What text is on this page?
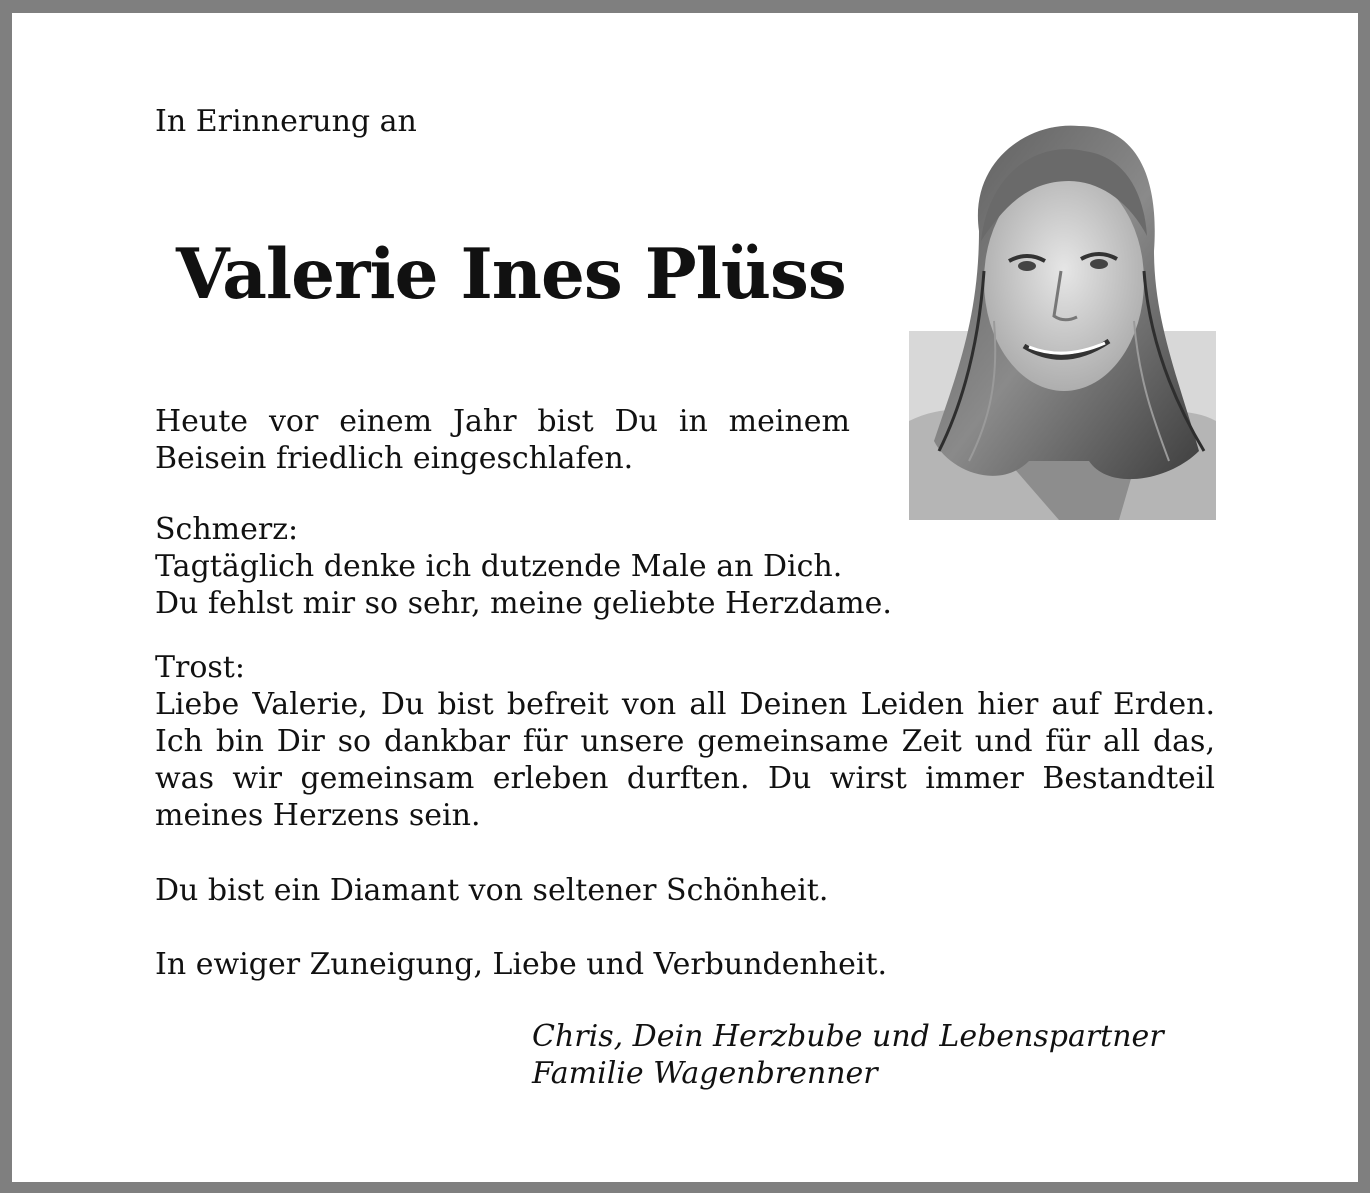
In Erinnerung an

Valerie Ines Plüss

Heute vor einem Jahr bist Du in meinem Beisein friedlich eingeschlafen.

Schmerz:
Tagtäglich denke ich dutzende Male an Dich.
Du fehlst mir so sehr, meine geliebte Herzdame.
Trost:
Liebe Valerie, Du bist befreit von all Deinen Leiden hier auf Erden. Ich bin Dir so dankbar für unsere gemeinsame Zeit und für all das, was wir gemeinsam erleben durften. Du wirst immer Bestandteil meines Herzens sein.

Du bist ein Diamant von seltener Schönheit.

In ewiger Zuneigung, Liebe und Verbundenheit.

Chris, Dein Herzbube und Lebenspartner
Familie Wagenbrenner
